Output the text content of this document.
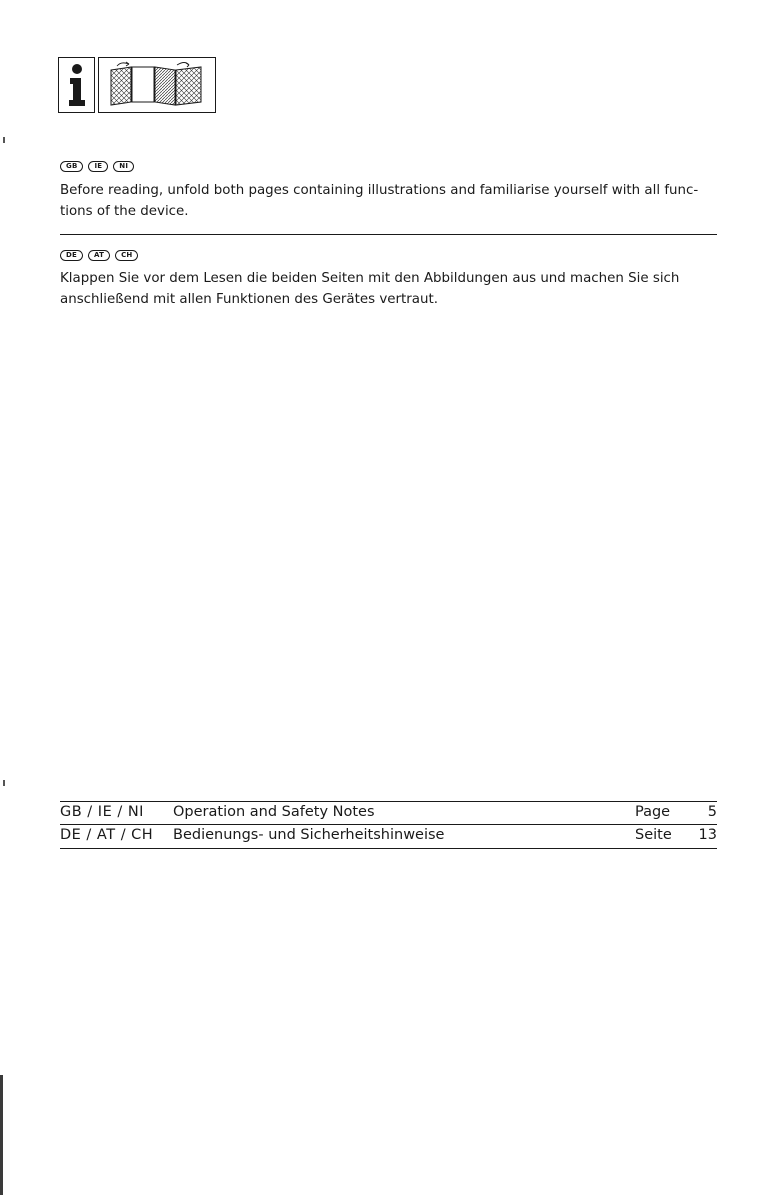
GB	IE	NI

Before reading, unfold both pages containing illustrations and familiarise yourself with all func-tions of the device.

DE	AT	CH

Klappen Sie vor dem Lesen die beiden Seiten mit den Abbildungen aus und machen Sie sich anschließend mit allen Funktionen des Gerätes vertraut.

GB / IE / NI Operation and Safety Notes	Page	5
DE / AT / CH Bedienungs- und Sicherheitshinweise	Seite 13
